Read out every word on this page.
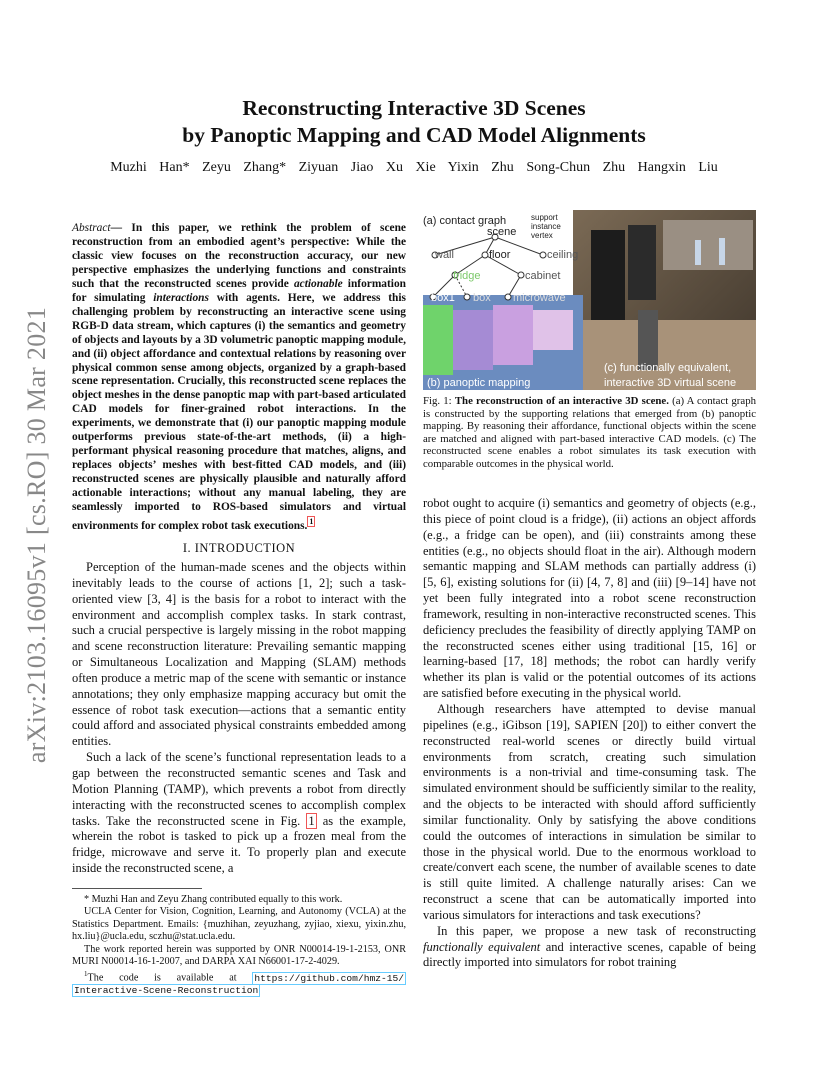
arXiv:2103.16095v1 [cs.RO] 30 Mar 2021
Reconstructing Interactive 3D Scenes
by Panoptic Mapping and CAD Model Alignments
Muzhi Han* Zeyu Zhang* Ziyuan Jiao Xu Xie Yixin Zhu Song-Chun Zhu Hangxin Liu
Abstract— In this paper, we rethink the problem of scene reconstruction from an embodied agent’s perspective: While the classic view focuses on the reconstruction accuracy, our new perspective emphasizes the underlying functions and constraints such that the reconstructed scenes provide actionable information for simulating interactions with agents. Here, we address this challenging problem by reconstructing an interactive scene using RGB-D data stream, which captures (i) the semantics and geometry of objects and layouts by a 3D volumetric panoptic mapping module, and (ii) object affordance and contextual relations by reasoning over physical common sense among objects, organized by a graph-based scene representation. Crucially, this reconstructed scene replaces the object meshes in the dense panoptic map with part-based articulated CAD models for finer-grained robot interactions. In the experiments, we demonstrate that (i) our panoptic mapping module outperforms previous state-of-the-art methods, (ii) a high-performant physical reasoning procedure that matches, aligns, and replaces objects’ meshes with best-fitted CAD models, and (iii) reconstructed scenes are physically plausible and naturally afford actionable interactions; without any manual labeling, they are seamlessly imported to ROS-based simulators and virtual environments for complex robot task executions. $^1$
I. INTRODUCTION

Perception of the human-made scenes and the objects within inevitably leads to the course of actions [1, 2]; such a task-oriented view [3, 4] is the basis for a robot to interact with the environment and accomplish complex tasks. In stark contrast, such a crucial perspective is largely missing in the robot mapping and scene reconstruction literature: Prevailing semantic mapping or Simultaneous Localization and Mapping (SLAM) methods often produce a metric map of the scene with semantic or instance annotations; they only emphasize mapping accuracy but omit the essence of robot task execution—actions that a semantic entity could afford and associated physical constraints embedded among entities.

Such a lack of the scene’s functional representation leads to a gap between the reconstructed semantic scenes and Task and Motion Planning (TAMP), which prevents a robot from directly interacting with the reconstructed scenes to accomplish complex tasks. Take the reconstructed scene in Fig. 1 as the example, wherein the robot is tasked to pick up a frozen meal from the fridge, microwave and serve it. To properly plan and execute inside the reconstructed scene, a

* Muzhi Han and Zeyu Zhang contributed equally to this work.

UCLA Center for Vision, Cognition, Learning, and Autonomy (VCLA) at the Statistics Department. Emails: {muzhihan, zeyuzhang, zyjiao, xiexu, yixin.zhu, hx.liu}@ucla.edu, sczhu@stat.ucla.edu.

The work reported herein was supported by ONR N00014-19-1-2153, ONR MURI N00014-16-1-2007, and DARPA XAI N66001-17-2-4029.

$^1$The code is available at https://github.com/hmz-15/ Interactive-Scene-Reconstruction

(a) contact graph
scene
wall	floor	ceiling
fridge	cabinet
box1 box microwave
support
instance
vertex
(b) panoptic mapping
(c) functionally equivalent,
interactive 3D virtual scene
Fig. 1: The reconstruction of an interactive 3D scene. (a) A contact graph is constructed by the supporting relations that emerged from (b) panoptic mapping. By reasoning their affordance, functional objects within the scene are matched and aligned with part-based interactive CAD models. (c) The reconstructed scene enables a robot simulates its task execution with comparable outcomes in the physical world.

robot ought to acquire (i) semantics and geometry of objects (e.g., this piece of point cloud is a fridge), (ii) actions an object affords (e.g., a fridge can be open), and (iii) constraints among these entities (e.g., no objects should float in the air). Although modern semantic mapping and SLAM methods can partially address (i) [5, 6], existing solutions for (ii) [4, 7, 8] and (iii) [9–14] have not yet been fully integrated into a robot scene reconstruction framework, resulting in non-interactive reconstructed scenes. This deficiency precludes the feasibility of directly applying TAMP on the reconstructed scenes either using traditional [15, 16] or learning-based [17, 18] methods; the robot can hardly verify whether its plan is valid or the potential outcomes of its actions are satisfied before executing in the physical world.

Although researchers have attempted to devise manual pipelines (e.g., iGibson [19], SAPIEN [20]) to either convert the reconstructed real-world scenes or directly build virtual environments from scratch, creating such simulation environments is a non-trivial and time-consuming task. The simulated environment should be sufficiently similar to the reality, and the objects to be interacted with should afford sufficiently similar functionality. Only by satisfying the above conditions could the outcomes of interactions in simulation be similar to those in the physical world. Due to the enormous workload to create/convert each scene, the number of available scenes to date is still quite limited. A challenge naturally arises: Can we reconstruct a scene that can be automatically imported into various simulators for interactions and task executions?

In this paper, we propose a new task of reconstructing functionally equivalent and interactive scenes, capable of being directly imported into simulators for robot training
